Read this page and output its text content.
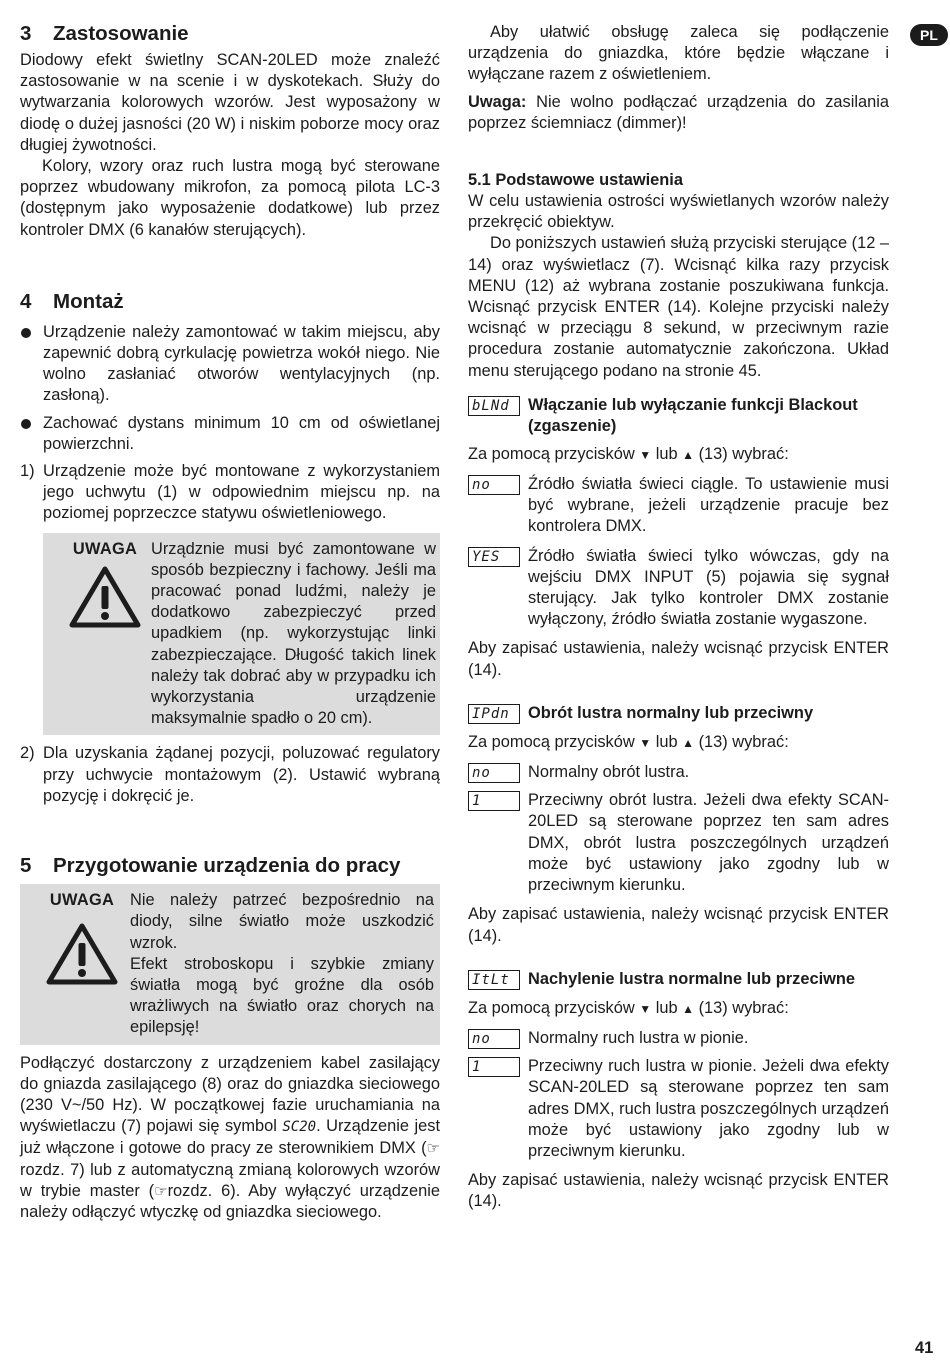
PL
3	Zastosowanie

Diodowy efekt świetlny SCAN-20LED może znaleźć zastosowanie w na scenie i w dyskotekach. Służy do wytwarzania kolorowych wzorów. Jest wyposażony w diodę o dużej jasności (20 W) i niskim poborze mocy oraz długiej żywotności.

Kolory, wzory oraz ruch lustra mogą być sterowane poprzez wbudowany mikrofon, za pomocą pilota LC-3 (dostępnym jako wyposażenie dodatkowe) lub przez kontroler DMX (6 kanałów sterujących).

4	Montaż
Urządzenie należy zamontować w takim miejscu, aby zapewnić dobrą cyrkulację powietrza wokół niego. Nie wolno zasłaniać otworów wentylacyjnych (np. zasłoną).
Zachować dystans minimum 10 cm od oświetlanej powierzchni.
1) Urządzenie może być montowane z wykorzystaniem jego uchwytu (1) w odpowiednim miejscu np. na poziomej poprzeczce statywu oświetleniowego.
UWAGA Urządznie musi być zamontowane w sposób bezpieczny i fachowy. Jeśli ma pracować ponad ludźmi, należy je dodatkowo zabezpieczyć przed upadkiem (np. wykorzystując linki zabezpieczające. Długość takich linek należy tak dobrać aby w przypadku ich wykorzystania urządzenie maksymalnie spadło o 20 cm).

2) Dla uzyskania żądanej pozycji, poluzować regulatory przy uchwycie montażowym (2). Ustawić wybraną pozycję i dokręcić je.
5	Przygotowanie urządzenia do pracy
UWAGA Nie należy patrzeć bezpośrednio na diody, silne światło może uszkodzić wzrok.

Efekt stroboskopu i szybkie zmiany światła mogą być groźne dla osób wrażliwych na światło oraz chorych na epilepsję!

Podłączyć dostarczony z urządzeniem kabel zasilający do gniazda zasilającego (8) oraz do gniazdka sieciowego (230 V~/50 Hz). W początkowej fazie uruchamiania na wyświetlaczu (7) pojawi się symbol SC20. Urządzenie jest już włączone i gotowe do pracy ze sterownikiem DMX (☞ rozdz. 7) lub z automatyczną zmianą kolorowych wzorów w trybie master (☞rozdz. 6). Aby wyłączyć urządzenie należy odłączyć wtyczkę od gniazdka sieciowego.

Aby ułatwić obsługę zaleca się podłączenie urządzenia do gniazdka, które będzie włączane i wyłączane razem z oświetleniem.

Uwaga: Nie wolno podłączać urządzenia do zasilania poprzez ściemniacz (dimmer)!

5.1 Podstawowe ustawienia

W celu ustawienia ostrości wyświetlanych wzorów należy przekręcić obiektyw.

Do poniższych ustawień służą przyciski sterujące (12 – 14) oraz wyświetlacz (7). Wcisnąć kilka razy przycisk MENU (12) aż wybrana zostanie poszukiwana funkcja. Wcisnąć przycisk ENTER (14). Kolejne przyciski należy wcisnąć w przeciągu 8 sekund, w przeciwnym razie procedura zostanie automatycznie zakończona. Układ menu sterującego podano na stronie 45.

bLNd	Włączanie lub wyłączanie funkcji Blackout (zgaszenie)

Za pomocą przycisków ▼ lub ▲ (13) wybrać:

no	Źródło światła świeci ciągle. To ustawienie musi być wybrane, jeżeli urządzenie pracuje bez kontrolera DMX.

YES	Źródło światła świeci tylko wówczas, gdy na wejściu DMX INPUT (5) pojawia się sygnał sterujący. Jak tylko kontroler DMX zostanie wyłączony, źródło światła zostanie wygaszone.

Aby zapisać ustawienia, należy wcisnąć przycisk ENTER (14).

IPdn	Obrót lustra normalny lub przeciwny

Za pomocą przycisków ▼ lub ▲ (13) wybrać:

no	Normalny obrót lustra.

1	Przeciwny obrót lustra. Jeżeli dwa efekty SCAN-20LED są sterowane poprzez ten sam adres DMX, obrót lustra poszczególnych urządzeń może być ustawiony jako zgodny lub w przeciwnym kierunku.

Aby zapisać ustawienia, należy wcisnąć przycisk ENTER (14).

ItLt	Nachylenie lustra normalne lub przeciwne

Za pomocą przycisków ▼ lub ▲ (13) wybrać:

no	Normalny ruch lustra w pionie.

1	Przeciwny ruch lustra w pionie. Jeżeli dwa efekty SCAN-20LED są sterowane poprzez ten sam adres DMX, ruch lustra poszczególnych urządzeń może być ustawiony jako zgodny lub w przeciwnym kierunku.

Aby zapisać ustawienia, należy wcisnąć przycisk ENTER (14).

41
